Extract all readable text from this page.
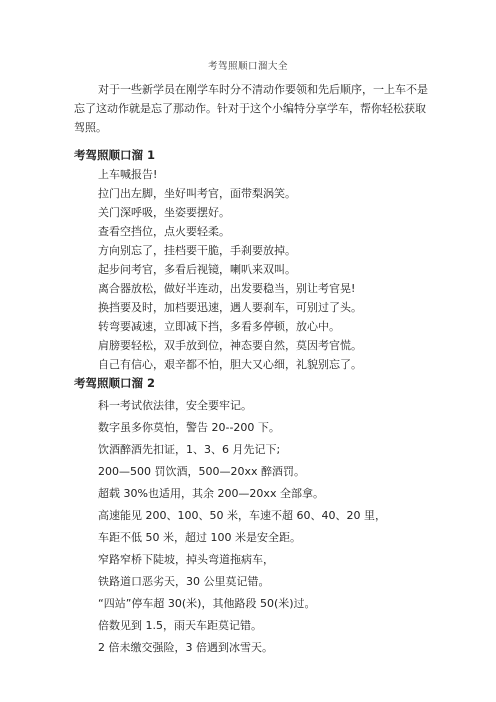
考驾照顺口溜大全
对于一些新学员在刚学车时分不清动作要领和先后顺序，一上车不是忘了这动作就是忘了那动作。针对于这个小编特分享学车，帮你轻松获取驾照。
考驾照顺口溜 1
上车喊报告!
拉门出左脚，坐好叫考官，面带梨涡笑。
关门深呼吸，坐姿要摆好。
查看空挡位，点火要轻柔。
方向别忘了，挂档要干脆，手刹要放掉。
起步问考官，多看后视镜，喇叭来双叫。
离合器放松，做好半连动，出发要稳当，别让考官晃!
换挡要及时，加档要迅速，遇人要刹车，可别过了头。
转弯要减速，立即减下挡，多看多停顿，放心中。
肩膀要轻松，双手放到位，神态要自然，莫因考官慌。
自己有信心，艰辛都不怕，胆大又心细，礼貌别忘了。
考驾照顺口溜 2
科一考试依法律，安全要牢记。
数字虽多你莫怕，警告 20--200 下。
饮酒醉酒先扣证，1、3、6 月先记下;
200—500 罚饮酒，500—20xx 醉酒罚。
超载 30%也适用，其余 200—20xx 全部拿。
高速能见 200、100、50 米，车速不超 60、40、20 里，
车距不低 50 米，超过 100 米是安全距。
窄路窄桥下陡坡，掉头弯道拖病车，
铁路道口恶劣天，30 公里莫记错。
“四站”停车超 30(米)，其他路段 50(米)过。
倍数见到 1.5，雨天车距莫记错。
2 倍未缴交强险，3 倍遇到冰雪天。
